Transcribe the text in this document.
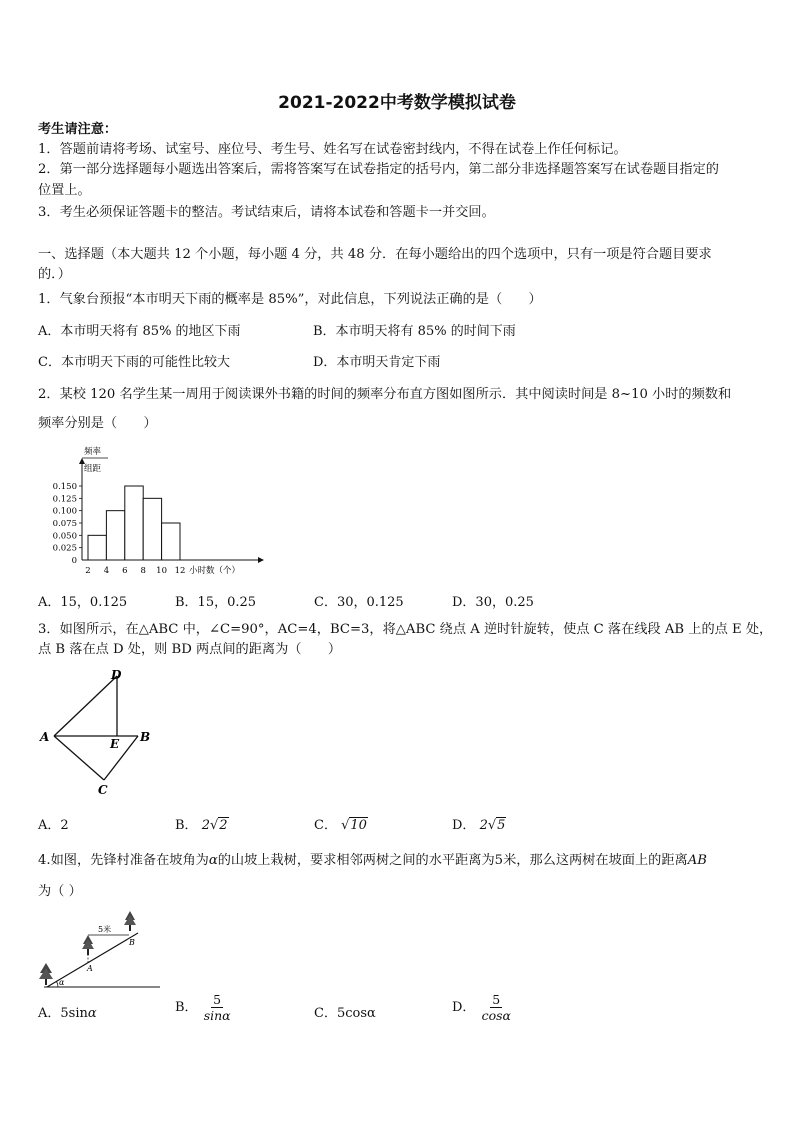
2021-2022中考数学模拟试卷
考生请注意：
1．答题前请将考场、试室号、座位号、考生号、姓名写在试卷密封线内，不得在试卷上作任何标记。
2．第一部分选择题每小题选出答案后，需将答案写在试卷指定的括号内，第二部分非选择题答案写在试卷题目指定的
位置上。
3．考生必须保证答题卡的整洁。考试结束后，请将本试卷和答题卡一并交回。
一、选择题（本大题共 12 个小题，每小题 4 分，共 48 分．在每小题给出的四个选项中，只有一项是符合题目要求
的．）
1．气象台预报“本市明天下雨的概率是 85%”，对此信息，下列说法正确的是（　　）
A．本市明天将有 85% 的地区下雨	B．本市明天将有 85% 的时间下雨
C．本市明天下雨的可能性比较大	D．本市明天肯定下雨
2．某校 120 名学生某一周用于阅读课外书籍的时间的频率分布直方图如图所示．其中阅读时间是 8~10 小时的频数和
频率分别是（　　）
频率
组距
0.150
0.125
0.100
0.075
0.050
0.025
0
2 4 6 8 10 12 小时数（个）
A．15，0.125	B．15，0.25	C．30，0.125	D．30，0.25
3．如图所示，在△ABC 中，∠C=90°，AC=4，BC=3，将△ABC 绕点 A 逆时针旋转，使点 C 落在线段 AB 上的点 E 处，
点 B 落在点 D 处，则 BD 两点间的距离为（　　）
A	B
C
D
E
A．2	B． 2√2	C． √10	D． 2√5
4.如图，先锋村准备在坡角为α的山坡上栽树，要求相邻两树之间的水平距离为5米，那么这两树在坡面上的距离AB
为（ ）
α
5米
A
B
A．5sinα	B． $\frac{5}{\sin\alpha}$	C．5cosα	D． $\frac{5}{\cos\alpha}$
